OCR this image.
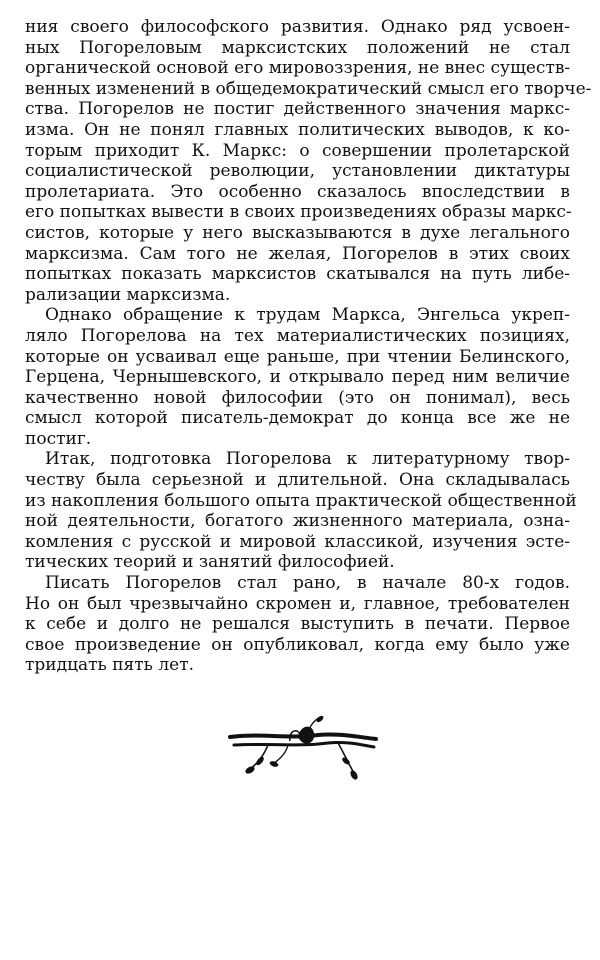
ния своего философского развития. Однако ряд усвоен-
ных Погореловым марксистских положений не стал
органической основой его мировоззрения, не внес существ-
венных изменений в общедемократический смысл его творче-
ства. Погорелов не постиг действенного значения маркс-
изма. Он не понял главных политических выводов, к ко-
торым приходит К. Маркс: о совершении пролетарской
социалистической революции, установлении диктатуры
пролетариата. Это особенно сказалось впоследствии в
его попытках вывести в своих произведениях образы маркс-
систов, которые у него высказываются в духе легального
марксизма. Сам того не желая, Погорелов в этих своих
попытках показать марксистов скатывался на путь либе-
рализации марксизма.
Однако обращение к трудам Маркса, Энгельса укреп-
ляло Погорелова на тех материалистических позициях,
которые он усваивал еще раньше, при чтении Белинского,
Герцена, Чернышевского, и открывало перед ним величие
качественно новой философии (это он понимал), весь
смысл которой писатель-демократ до конца все же не
постиг.
Итак, подготовка Погорелова к литературному твор-
честву была серьезной и длительной. Она складывалась
из накопления большого опыта практической общественной
ной деятельности, богатого жизненного материала, озна-
комления с русской и мировой классикой, изучения эсте-
тических теорий и занятий философией.
Писать Погорелов стал рано, в начале 80-х годов.
Но он был чрезвычайно скромен и, главное, требователен
к себе и долго не решался выступить в печати. Первое
свое произведение он опубликовал, когда ему было уже
тридцать пять лет.
